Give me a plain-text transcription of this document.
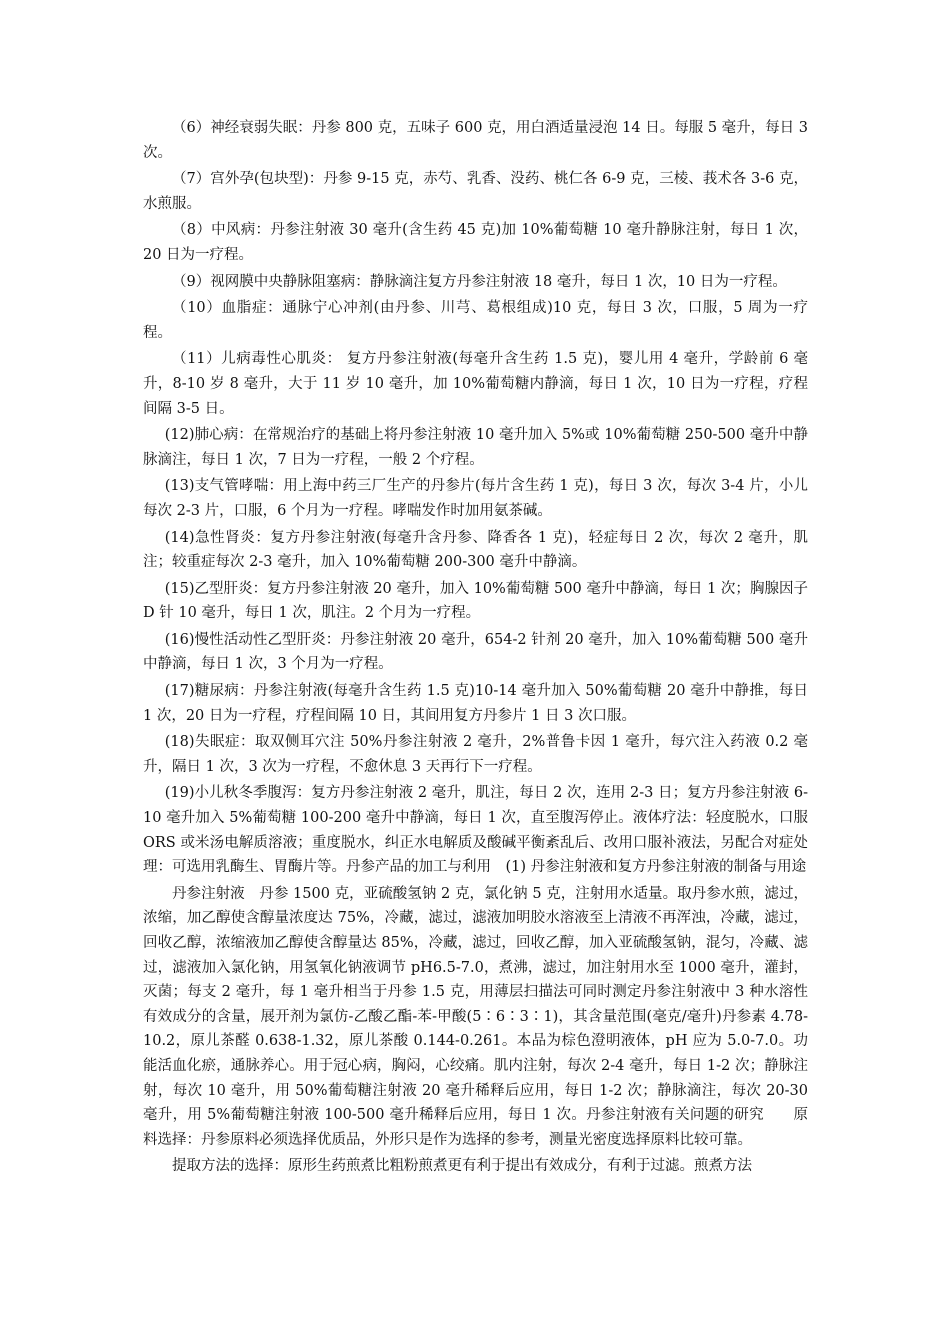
（6）神经衰弱失眠：丹参 800 克，五味子 600 克，用白酒适量浸泡 14 日。每服 5 毫升，每日 3 次。

（7）宫外孕(包块型)：丹参 9-15 克，赤芍、乳香、没药、桃仁各 6-9 克，三棱、莪术各 3-6 克，水煎服。

（8）中风病：丹参注射液 30 毫升(含生药 45 克)加 10%葡萄糖 10 毫升静脉注射，每日 1 次，20 日为一疗程。

（9）视网膜中央静脉阻塞病：静脉滴注复方丹参注射液 18 毫升，每日 1 次，10 日为一疗程。

（10）血脂症：通脉宁心冲剂(由丹参、川芎、葛根组成)10 克，每日 3 次，口服，5 周为一疗程。

（11）儿病毒性心肌炎： 复方丹参注射液(每毫升含生药 1.5 克)，婴儿用 4 毫升，学龄前 6 毫升，8-10 岁 8 毫升，大于 11 岁 10 毫升，加 10%葡萄糖内静滴，每日 1 次，10 日为一疗程，疗程间隔 3-5 日。

(12)肺心病：在常规治疗的基础上将丹参注射液 10 毫升加入 5%或 10%葡萄糖 250-500 毫升中静脉滴注，每日 1 次，7 日为一疗程，一般 2 个疗程。

(13)支气管哮喘：用上海中药三厂生产的丹参片(每片含生药 1 克)，每日 3 次，每次 3-4 片，小儿每次 2-3 片，口服，6 个月为一疗程。哮喘发作时加用氨茶碱。

(14)急性肾炎：复方丹参注射液(每毫升含丹参、降香各 1 克)，轻症每日 2 次，每次 2 毫升，肌注；较重症每次 2-3 毫升，加入 10%葡萄糖 200-300 毫升中静滴。

(15)乙型肝炎：复方丹参注射液 20 毫升，加入 10%葡萄糖 500 毫升中静滴，每日 1 次；胸腺因子 D 针 10 毫升，每日 1 次，肌注。2 个月为一疗程。

(16)慢性活动性乙型肝炎：丹参注射液 20 毫升，654-2 针剂 20 毫升，加入 10%葡萄糖 500 毫升中静滴，每日 1 次，3 个月为一疗程。

(17)糖尿病：丹参注射液(每毫升含生药 1.5 克)10-14 毫升加入 50%葡萄糖 20 毫升中静推，每日 1 次，20 日为一疗程，疗程间隔 10 日，其间用复方丹参片 1 日 3 次口服。

(18)失眠症：取双侧耳穴注 50%丹参注射液 2 毫升，2%普鲁卡因 1 毫升，每穴注入药液 0.2 毫升，隔日 1 次，3 次为一疗程，不愈休息 3 天再行下一疗程。

(19)小儿秋冬季腹泻：复方丹参注射液 2 毫升，肌注，每日 2 次，连用 2-3 日；复方丹参注射液 6-10 毫升加入 5%葡萄糖 100-200 毫升中静滴，每日 1 次，直至腹泻停止。液体疗法：轻度脱水，口服 ORS 或米汤电解质溶液；重度脱水，纠正水电解质及酸碱平衡紊乱后、改用口服补液法，另配合对症处理：可选用乳酶生、胃酶片等。丹参产品的加工与利用　(1) 丹参注射液和复方丹参注射液的制备与用途

丹参注射液　丹参 1500 克，亚硫酸氢钠 2 克，氯化钠 5 克，注射用水适量。取丹参水煎，滤过，浓缩，加乙醇使含醇量浓度达 75%，冷藏，滤过，滤液加明胶水溶液至上清液不再浑浊，冷藏，滤过，回收乙醇，浓缩液加乙醇使含醇量达 85%，冷藏，滤过，回收乙醇，加入亚硫酸氢钠，混匀，冷藏、滤过，滤液加入氯化钠，用氢氧化钠液调节 pH6.5-7.0，煮沸，滤过，加注射用水至 1000 毫升，灌封，灭菌；每支 2 毫升，每 1 毫升相当于丹参 1.5 克，用薄层扫描法可同时测定丹参注射液中 3 种水溶性有效成分的含量，展开剂为氯仿-乙酸乙酯-苯-甲酸(5∶6∶3∶1)，其含量范围(毫克/毫升)丹参素 4.78-10.2，原儿茶醛 0.638-1.32，原儿茶酸 0.144-0.261。本品为棕色澄明液体，pH 应为 5.0-7.0。功能活血化瘀，通脉养心。用于冠心病，胸闷，心绞痛。肌内注射，每次 2-4 毫升，每日 1-2 次；静脉注射，每次 10 毫升，用 50%葡萄糖注射液 20 毫升稀释后应用，每日 1-2 次；静脉滴注，每次 20-30 毫升，用 5%葡萄糖注射液 100-500 毫升稀释后应用，每日 1 次。丹参注射液有关问题的研究　　原料选择：丹参原料必须选择优质品，外形只是作为选择的参考，测量光密度选择原料比较可靠。

提取方法的选择：原形生药煎煮比粗粉煎煮更有利于提出有效成分，有利于过滤。煎煮方法
